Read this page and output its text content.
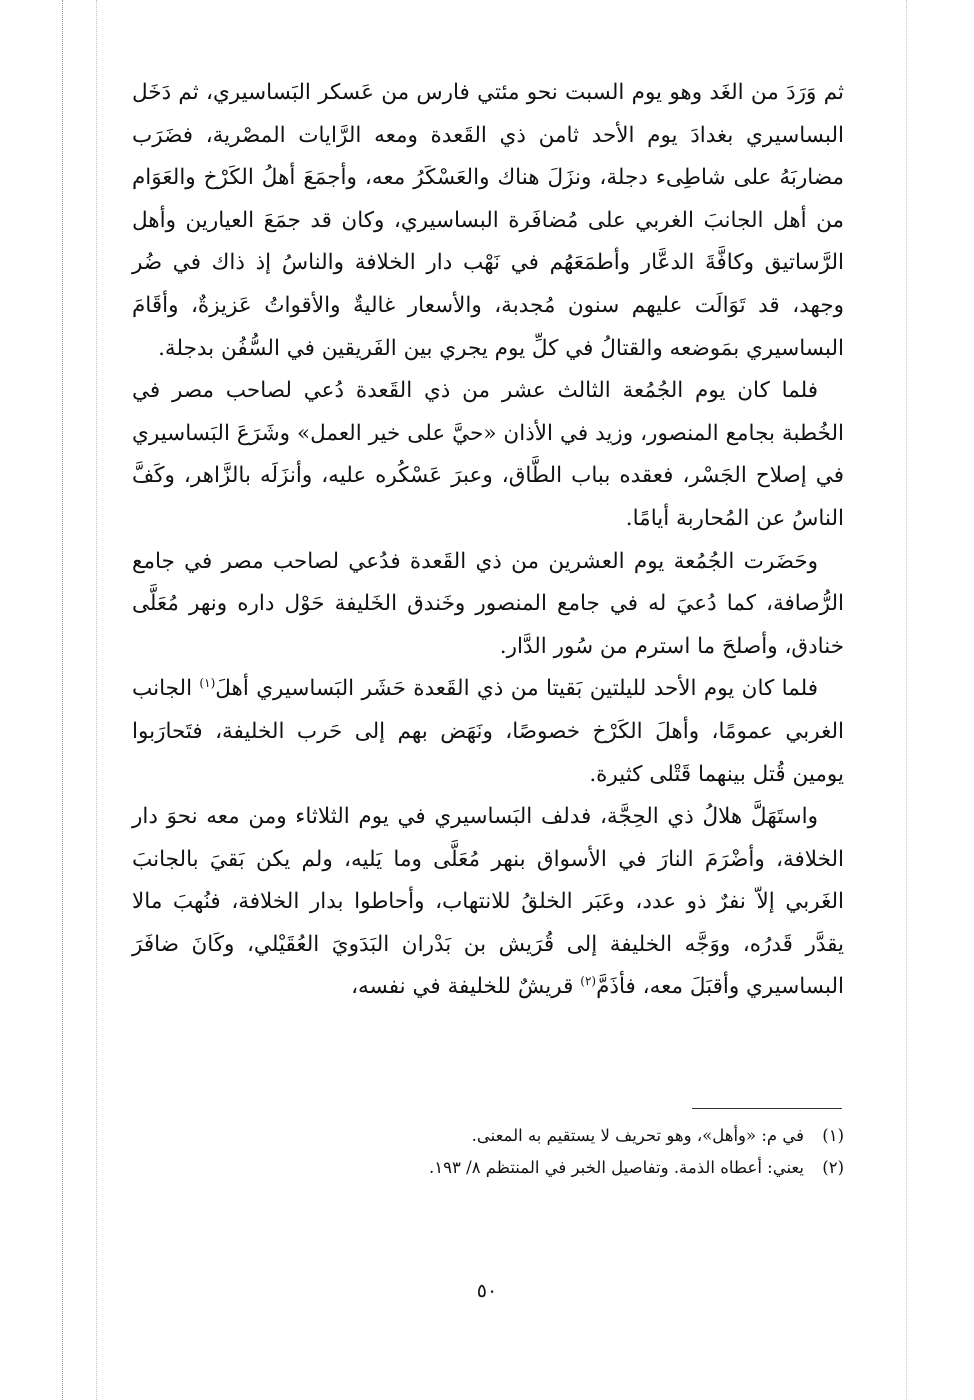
ثم وَرَدَ من الغَد وهو يوم السبت نحو مئتي فارس من عَسكر البَساسيري، ثم دَخَل البساسيري بغدادَ يوم الأحد ثامن ذي القَعدة ومعه الرَّايات المصْرية، فضَرَب مضاربَهُ على شاطِىء دجلة، ونزَلَ هناك والعَسْكَرُ معه، وأجمَعَ أهلُ الكَرْخ والعَوَام من أهل الجانبَ الغربي على مُضافَرة البساسيري، وكان قد جمَعَ العيارين وأهل الرَّساتيق وكافَّةَ الدعَّار وأطمَعَهُم في نَهْب دار الخلافة والناسُ إذ ذاك في ضُر وجهد، قد تَوَالَت عليهم سنون مُجدبة، والأسعار غاليةٌ والأقواتُ عَزيزةٌ، وأقَامَ البساسيري بمَوضعه والقتالُ في كلِّ يوم يجري بين الفَريقين في السُّفُن بدجلة.

فلما كان يوم الجُمُعة الثالث عشر من ذي القَعدة دُعي لصاحب مصر في الخُطبة بجامع المنصور، وزيد في الأذان «حيَّ على خير العمل» وشَرَعَ البَساسيري في إصلاح الجَسْر، فعقده بباب الطَّاق، وعبرَ عَسْكُره عليه، وأنزَلَه بالزَّاهر، وكَفَّ الناسُ عن المُحاربة أيامًا.

وحَضَرت الجُمُعة يوم العشرين من ذي القَعدة فدُعي لصاحب مصر في جامع الرُّصافة، كما دُعيَ له في جامع المنصور وخَندق الخَليفة حَوْل داره ونهر مُعَلَّى خنادق، وأصلحَ ما استرم من سُور الدَّار.

فلما كان يوم الأحد لليلتين بَقيتا من ذي القَعدة حَشَر البَساسيري أهلَ$^{(١)}$ الجانب الغربي عمومًا، وأهلَ الكَرْخ خصوصًا، ونَهَض بهم إلى حَرب الخليفة، فتَحارَبوا يومين قُتل بينهما قَتْلى كثيرة.

واستَهَلَّ هلالُ ذي الحِجَّة، فدلف البَساسيري في يوم الثلاثاء ومن معه نحوَ دار الخلافة، وأضْرَمَ النارَ في الأسواق بنهر مُعَلَّى وما يَليه، ولم يكن بَقيَ بالجانبَ الغَربي إلاّ نفرٌ ذو عدد، وعَبَر الخلقُ للانتهاب، وأحاطوا بدار الخلافة، فنُهبَ مالا يقدَّر قَدرُه، ووَجَّه الخليفة إلى قُرَيش بن بَدْران البَدَويَ العُقَيْلي، وكَانَ ضافَرَ البساسيري وأقبَلَ معه، فأذَمَّ$^{(٢)}$ قريشٌ للخليفة في نفسه،

(١)
في م: «وأهل»، وهو تحريف لا يستقيم به المعنى.
(٢)
يعني: أعطاه الذمة. وتفاصيل الخبر في المنتظم ٨/ ١٩٣.
٥٠
